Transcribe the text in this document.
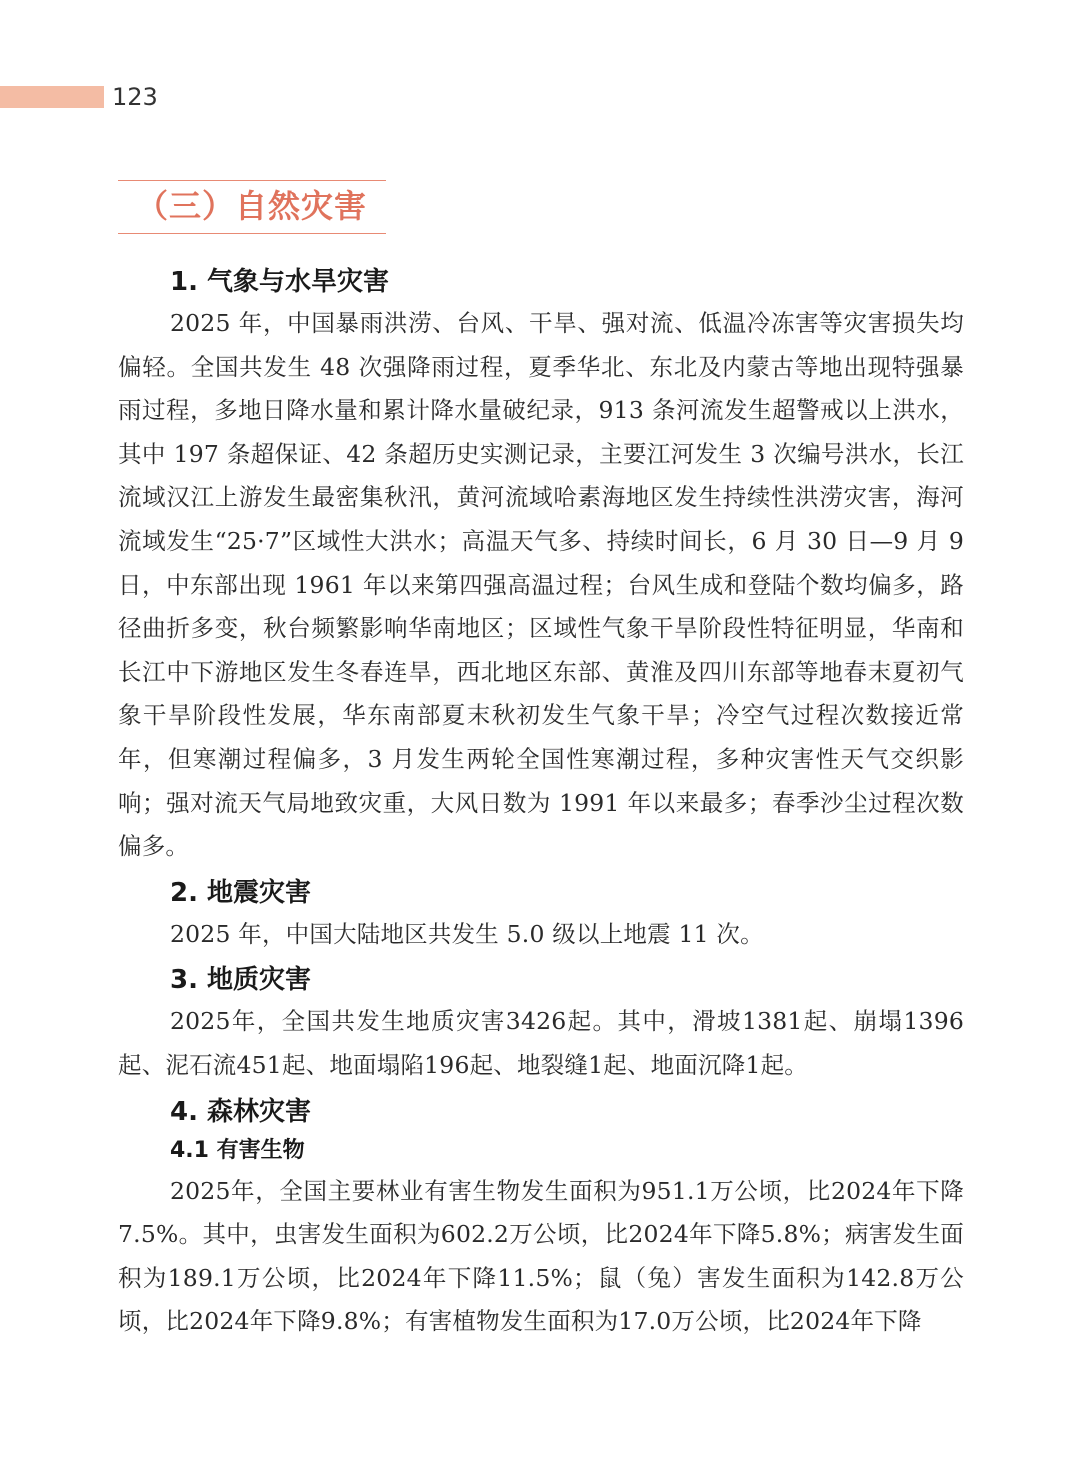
123
（三）自然灾害
1. 气象与水旱灾害

2025 年，中国暴雨洪涝、台风、干旱、强对流、低温冷冻害等灾害损失均偏轻。全国共发生 48 次强降雨过程，夏季华北、东北及内蒙古等地出现特强暴雨过程，多地日降水量和累计降水量破纪录，913 条河流发生超警戒以上洪水，其中 197 条超保证、42 条超历史实测记录，主要江河发生 3 次编号洪水，长江流域汉江上游发生最密集秋汛，黄河流域哈素海地区发生持续性洪涝灾害，海河流域发生“25·7”区域性大洪水；高温天气多、持续时间长，6 月 30 日—9 月 9 日，中东部出现 1961 年以来第四强高温过程；台风生成和登陆个数均偏多，路径曲折多变，秋台频繁影响华南地区；区域性气象干旱阶段性特征明显，华南和长江中下游地区发生冬春连旱，西北地区东部、黄淮及四川东部等地春末夏初气象干旱阶段性发展，华东南部夏末秋初发生气象干旱；冷空气过程次数接近常年，但寒潮过程偏多，3 月发生两轮全国性寒潮过程，多种灾害性天气交织影响；强对流天气局地致灾重，大风日数为 1991 年以来最多；春季沙尘过程次数偏多。

2. 地震灾害

2025 年，中国大陆地区共发生 5.0 级以上地震 11 次。

3. 地质灾害

2025年，全国共发生地质灾害3426起。其中，滑坡1381起、崩塌1396起、泥石流451起、地面塌陷196起、地裂缝1起、地面沉降1起。

4. 森林灾害
4.1 有害生物

2025年，全国主要林业有害生物发生面积为951.1万公顷，比2024年下降7.5%。其中，虫害发生面积为602.2万公顷，比2024年下降5.8%；病害发生面积为189.1万公顷，比2024年下降11.5%；鼠（兔）害发生面积为142.8万公顷，比2024年下降9.8%；有害植物发生面积为17.0万公顷，比2024年下降
